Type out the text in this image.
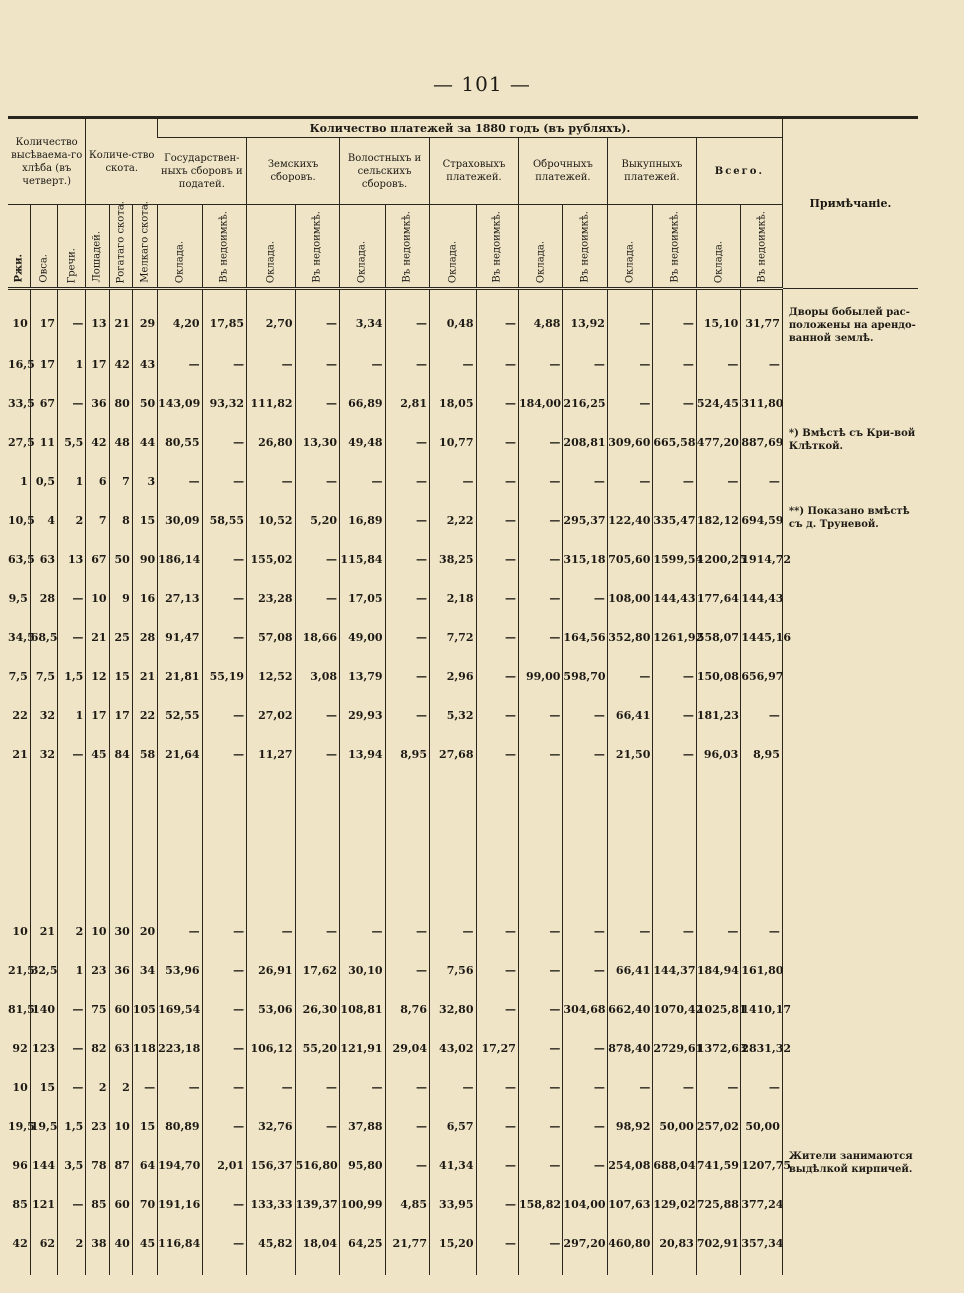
— 101 —
Количество высѣваема-го хлѣба (въ четверт.)			Количе-ство скота.			Количество платежей за 1880 годъ (въ рубляхъ).														Примѣчаніе.
						Государствен-ныхъ сборовъ и податей.		Земскихъ сборовъ.		Волостныхъ и сельскихъ сборовъ.		Страховыхъ платежей.		Оброчныхъ платежей.		Выкупныхъ платежей.		Всего.		

Ржи.	Овса.	Гречи.	Лошадей.	Рогатаго скота.	Мелкаго скота.	Оклада.	Въ недоимкѣ.	Оклада.	Въ недоимкѣ.	Оклада.	Въ недоимкѣ.	Оклада.	Въ недоимкѣ.	Оклада.	Въ недоимкѣ.	Оклада.	Въ недоимкѣ.	Оклада.	Въ недоимкѣ.	

10	17	—	13	21	29	4,20	17,85	2,70	—	3,34	—	0,48	—	4,88	13,92	—	—	15,10	31,77	Дворы бобылей рас-положены на арендо-ванной землѣ.
16,5	17	1	17	42	43	—	—	—	—	—	—	—	—	—	—	—	—	—	—	
33,5	67	—	36	80	50	143,09	93,32	111,82	—	66,89	2,81	18,05	—	184,00	216,25	—	—	524,45	311,80	
27,5	11	5,5	42	48	44	80,55	—	26,80	13,30	49,48	—	10,77	—	—	208,81	309,60	665,58	477,20	887,69	*) Вмѣстѣ съ Кри-вой Клѣткой.
1	0,5	1	6	7	3	—	—	—	—	—	—	—	—	—	—	—	—	—	—	
10,5	4	2	7	8	15	30,09	58,55	10,52	5,20	16,89	—	2,22	—	—	295,37	122,40	335,47	182,12	694,59	**) Показано вмѣстѣ съ д. Труневой.
63,5	63	13	67	50	90	186,14	—	155,02	—	115,84	—	38,25	—	—	315,18	705,60	1599,54	1200,25	1914,72	
9,5	28	—	10	9	16	27,13	—	23,28	—	17,05	—	2,18	—	—	—	108,00	144,43	177,64	144,43	
34,5	68,5	—	21	25	28	91,47	—	57,08	18,66	49,00	—	7,72	—	—	164,56	352,80	1261,92	558,07	1445,16	
7,5	7,5	1,5	12	15	21	21,81	55,19	12,52	3,08	13,79	—	2,96	—	99,00	598,70	—	—	150,08	656,97	
22	32	1	17	17	22	52,55	—	27,02	—	29,93	—	5,32	—	—	—	66,41	—	181,23	—	
21	32	—	45	84	58	21,64	—	11,27	—	13,94	8,95	27,68	—	—	—	21,50	—	96,03	8,95	

10	21	2	10	30	20	—	—	—	—	—	—	—	—	—	—	—	—	—	—	
21,5	32,5	1	23	36	34	53,96	—	26,91	17,62	30,10	—	7,56	—	—	—	66,41	144,37	184,94	161,80	
81,5	140	—	75	60	105	169,54	—	53,06	26,30	108,81	8,76	32,80	—	—	304,68	662,40	1070,42	1025,81	1410,17	
92	123	—	82	63	118	223,18	—	106,12	55,20	121,91	29,04	43,02	17,27	—	—	878,40	2729,61	1372,63	2831,32	
10	15	—	2	2	—	—	—	—	—	—	—	—	—	—	—	—	—	—	—	
19,5	19,5	1,5	23	10	15	80,89	—	32,76	—	37,88	—	6,57	—	—	—	98,92	50,00	257,02	50,00	
96	144	3,5	78	87	64	194,70	2,01	156,37	516,80	95,80	—	41,34	—	—	—	254,08	688,04	741,59	1207,75	Жители занимаются выдѣлкой кирпичей.
85	121	—	85	60	70	191,16	—	133,33	139,37	100,99	4,85	33,95	—	158,82	104,00	107,63	129,02	725,88	377,24	
42	62	2	38	40	45	116,84	—	45,82	18,04	64,25	21,77	15,20	—	—	297,20	460,80	20,83	702,91	357,34	
